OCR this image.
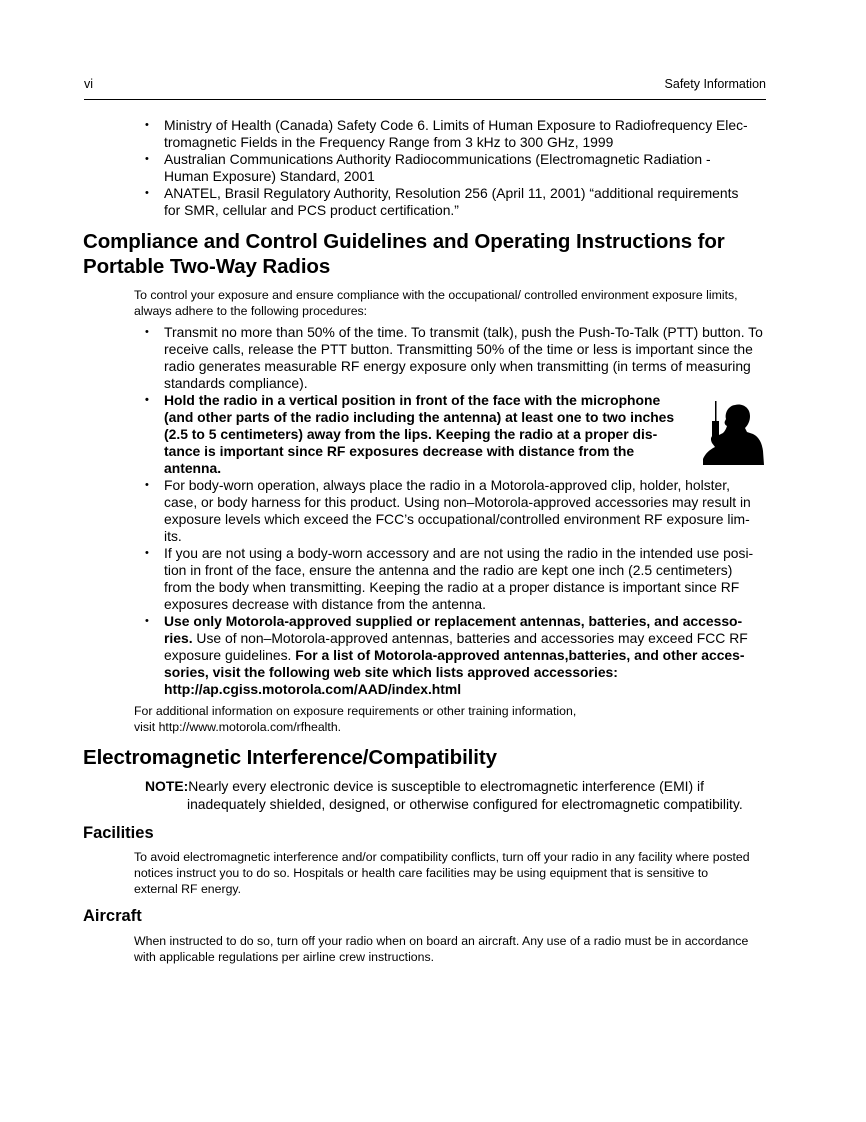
vi	Safety Information
• Ministry of Health (Canada) Safety Code 6. Limits of Human Exposure to Radiofrequency Elec-
tromagnetic Fields in the Frequency Range from 3 kHz to 300 GHz, 1999
• Australian Communications Authority Radiocommunications (Electromagnetic Radiation -
Human Exposure) Standard, 2001
• ANATEL, Brasil Regulatory Authority, Resolution 256 (April 11, 2001) “additional requirements
for SMR, cellular and PCS product certification.”
Compliance and Control Guidelines and Operating Instructions for
Portable Two-Way Radios

To control your exposure and ensure compliance with the occupational/ controlled environment exposure limits,
always adhere to the following procedures:

• Transmit no more than 50% of the time. To transmit (talk), push the Push-To-Talk (PTT) button. To
receive calls, release the PTT button. Transmitting 50% of the time or less is important since the
radio generates measurable RF energy exposure only when transmitting (in terms of measuring
standards compliance).
• Hold the radio in a vertical position in front of the face with the microphone
(and other parts of the radio including the antenna) at least one to two inches
(2.5 to 5 centimeters) away from the lips. Keeping the radio at a proper dis-
tance is important since RF exposures decrease with distance from the
antenna.
• For body-worn operation, always place the radio in a Motorola-approved clip, holder, holster,
case, or body harness for this product. Using non–Motorola-approved accessories may result in
exposure levels which exceed the FCC’s occupational/controlled environment RF exposure lim-
its.
• If you are not using a body-worn accessory and are not using the radio in the intended use posi-
tion in front of the face, ensure the antenna and the radio are kept one inch (2.5 centimeters)
from the body when transmitting. Keeping the radio at a proper distance is important since RF
exposures decrease with distance from the antenna.
• Use only Motorola-approved supplied or replacement antennas, batteries, and accesso-
ries. Use of non–Motorola-approved antennas, batteries and accessories may exceed FCC RF
exposure guidelines. For a list of Motorola-approved antennas,batteries, and other acces-
sories, visit the following web site which lists approved accessories:
http://ap.cgiss.motorola.com/AAD/index.html

For additional information on exposure requirements or other training information,
visit http://www.motorola.com/rfhealth.

Electromagnetic Interference/Compatibility
NOTE:Nearly every electronic device is susceptible to electromagnetic interference (EMI) if
inadequately shielded, designed, or otherwise configured for electromagnetic compatibility.
Facilities

To avoid electromagnetic interference and/or compatibility conflicts, turn off your radio in any facility where posted
notices instruct you to do so. Hospitals or health care facilities may be using equipment that is sensitive to
external RF energy.

Aircraft

When instructed to do so, turn off your radio when on board an aircraft. Any use of a radio must be in accordance
with applicable regulations per airline crew instructions.
